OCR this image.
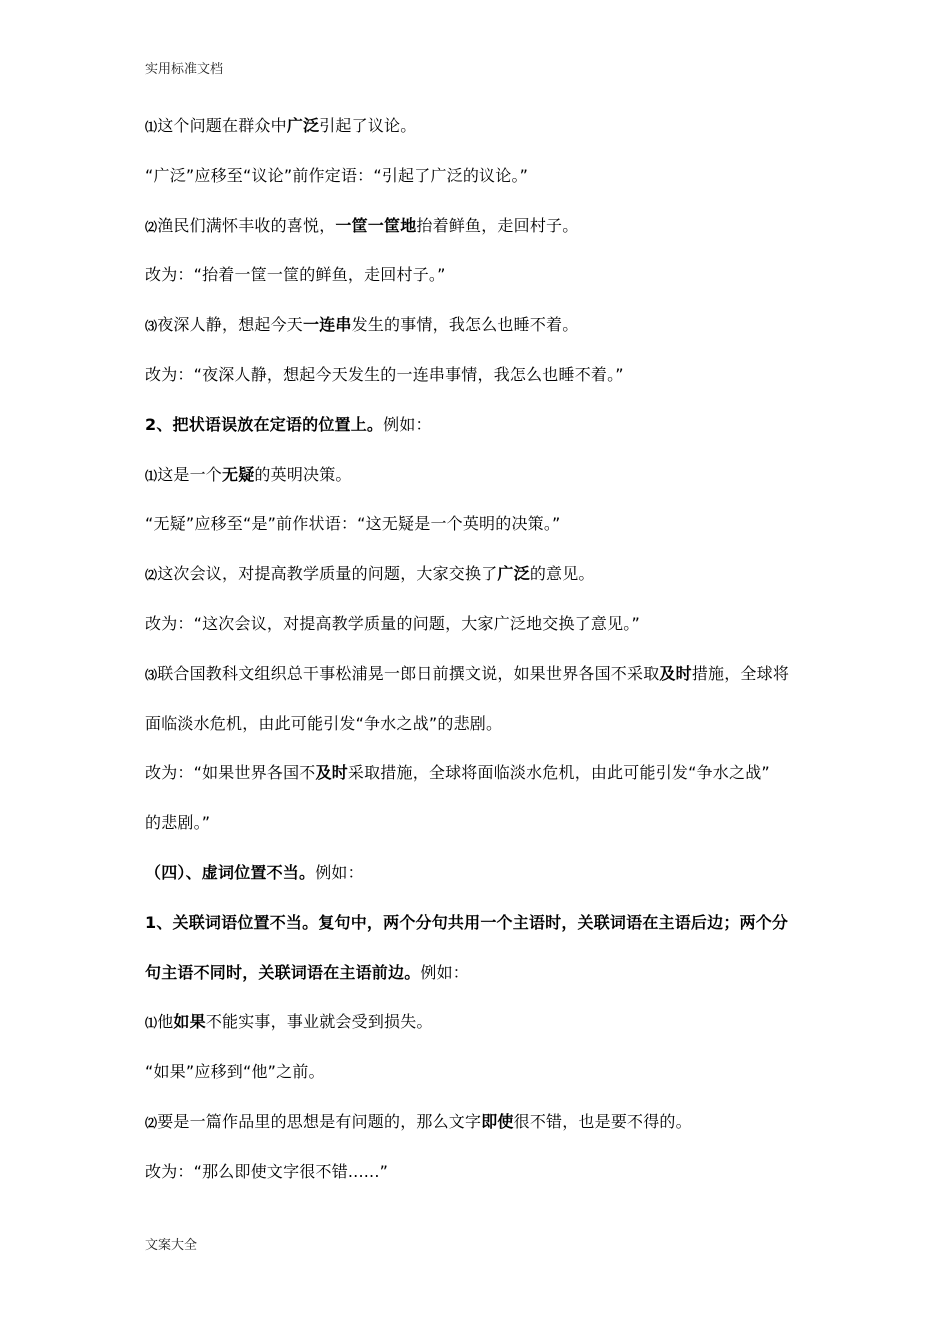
实用标准文档
⑴这个问题在群众中广泛引起了议论。
“广泛”应移至“议论”前作定语：“引起了广泛的议论。”
⑵渔民们满怀丰收的喜悦，一筐一筐地抬着鲜鱼，走回村子。
改为：“抬着一筐一筐的鲜鱼，走回村子。”
⑶夜深人静，想起今天一连串发生的事情，我怎么也睡不着。
改为：“夜深人静，想起今天发生的一连串事情，我怎么也睡不着。”
2、把状语误放在定语的位置上。例如：
⑴这是一个无疑的英明决策。
“无疑”应移至“是”前作状语：“这无疑是一个英明的决策。”
⑵这次会议，对提高教学质量的问题，大家交换了广泛的意见。
改为：“这次会议，对提高教学质量的问题，大家广泛地交换了意见。”
⑶联合国教科文组织总干事松浦晃一郎日前撰文说，如果世界各国不采取及时措施，全球将
面临淡水危机，由此可能引发“争水之战”的悲剧。
改为：“如果世界各国不及时采取措施，全球将面临淡水危机，由此可能引发“争水之战”
的悲剧。”
（四）、虚词位置不当。例如：
1、关联词语位置不当。复句中，两个分句共用一个主语时，关联词语在主语后边；两个分
句主语不同时，关联词语在主语前边。例如：
⑴他如果不能实事，事业就会受到损失。
“如果”应移到“他”之前。
⑵要是一篇作品里的思想是有问题的，那么文字即使很不错，也是要不得的。
改为：“那么即使文字很不错......”
文案大全
